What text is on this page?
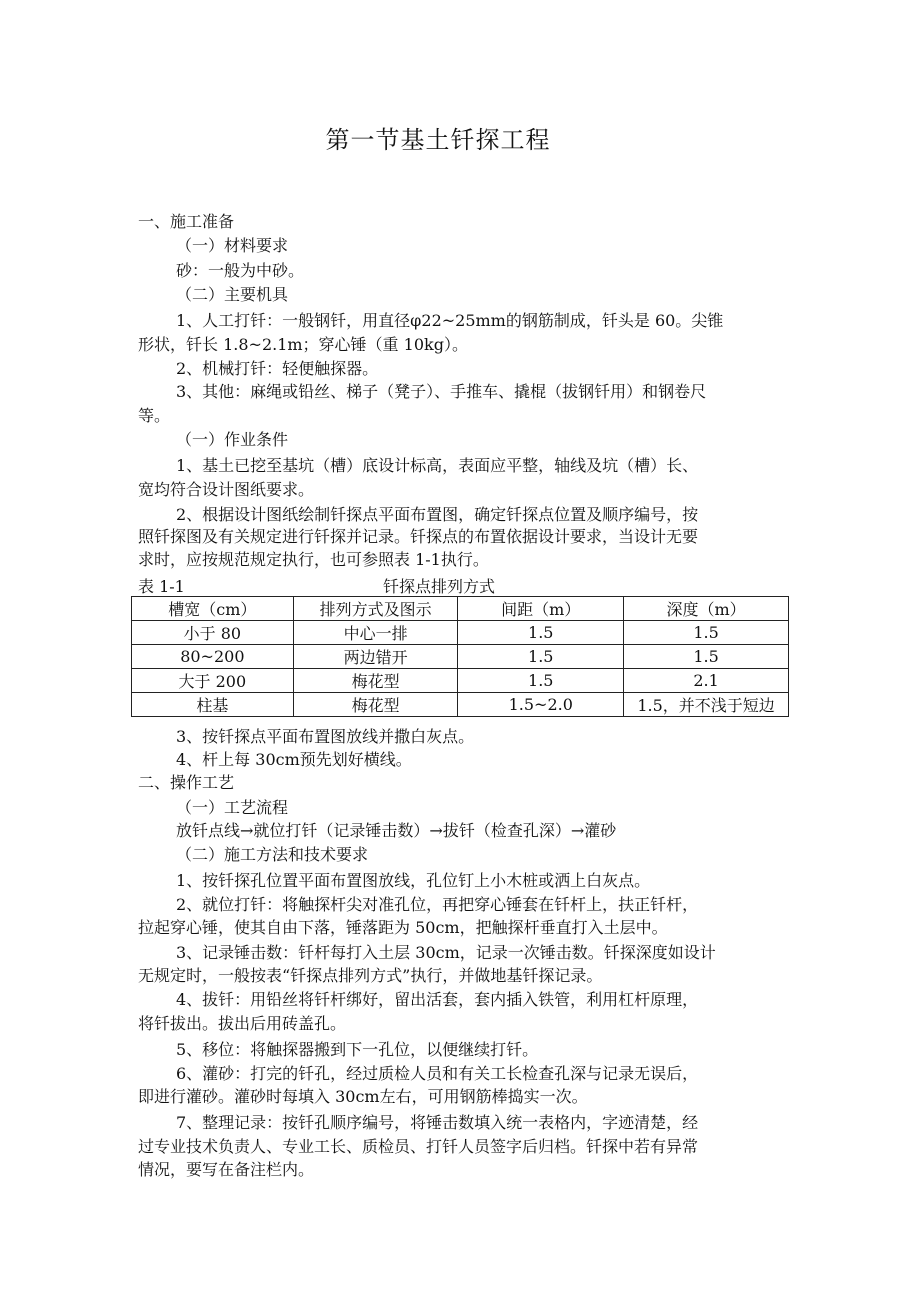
第一节基土钎探工程
一、施工准备
（一）材料要求
砂：一般为中砂。
（二）主要机具
1、人工打钎：一般钢钎，用直径φ22~25mm的钢筋制成，钎头是 60。尖锥
形状，钎长 1.8~2.1m；穿心锤（重 10kg）。
2、机械打钎：轻便触探器。
3、其他：麻绳或铅丝、梯子（凳子）、手推车、撬棍（拔钢钎用）和钢卷尺
等。
（一）作业条件
1、基土已挖至基坑（槽）底设计标高，表面应平整，轴线及坑（槽）长、
宽均符合设计图纸要求。
2、根据设计图纸绘制钎探点平面布置图，确定钎探点位置及顺序编号，按
照钎探图及有关规定进行钎探并记录。钎探点的布置依据设计要求，当设计无要
求时，应按规范规定执行，也可参照表 1-1执行。
表 1-1	钎探点排列方式
槽宽（cm）	排列方式及图示	间距（m）	深度（m）
小于 80	中心一排	1.5	1.5
80~200	两边错开	1.5	1.5
大于 200	梅花型	1.5	2.1
柱基	梅花型	1.5~2.0	1.5，并不浅于短边
3、按钎探点平面布置图放线并撒白灰点。
4、杆上每 30cm预先划好横线。
二、操作工艺
（一）工艺流程
放钎点线→就位打钎（记录锤击数）→拔钎（检查孔深）→灌砂
（二）施工方法和技术要求
1、按钎探孔位置平面布置图放线，孔位钉上小木桩或洒上白灰点。
2、就位打钎：将触探杆尖对准孔位，再把穿心锤套在钎杆上，扶正钎杆，
拉起穿心锤，使其自由下落，锤落距为 50cm，把触探杆垂直打入土层中。
3、记录锤击数：钎杆每打入土层 30cm，记录一次锤击数。钎探深度如设计
无规定时，一般按表“钎探点排列方式”执行，并做地基钎探记录。
4、拔钎：用铅丝将钎杆绑好，留出活套，套内插入铁管，利用杠杆原理，
将钎拔出。拔出后用砖盖孔。
5、移位：将触探器搬到下一孔位，以便继续打钎。
6、灌砂：打完的钎孔，经过质检人员和有关工长检查孔深与记录无误后，
即进行灌砂。灌砂时每填入 30cm左右，可用钢筋棒捣实一次。
7、整理记录：按钎孔顺序编号，将锤击数填入统一表格内，字迹清楚，经
过专业技术负责人、专业工长、质检员、打钎人员签字后归档。钎探中若有异常
情况，要写在备注栏内。
